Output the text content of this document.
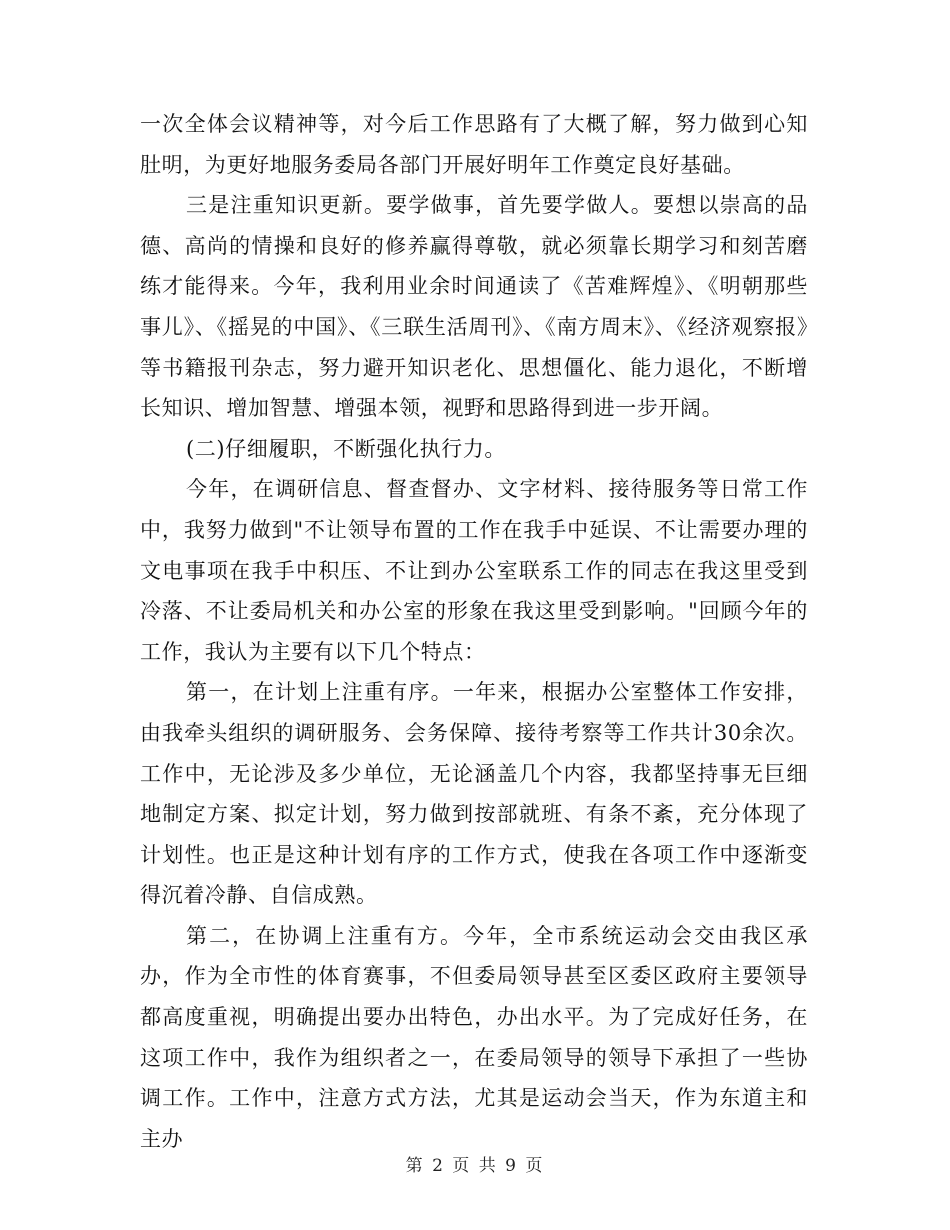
一次全体会议精神等，对今后工作思路有了大概了解，努力做到心知肚明，为更好地服务委局各部门开展好明年工作奠定良好基础。

三是注重知识更新。要学做事，首先要学做人。要想以崇高的品德、高尚的情操和良好的修养赢得尊敬，就必须靠长期学习和刻苦磨练才能得来。今年，我利用业余时间通读了《苦难辉煌》、《明朝那些事儿》、《摇晃的中国》、《三联生活周刊》、《南方周末》、《经济观察报》等书籍报刊杂志，努力避开知识老化、思想僵化、能力退化，不断增长知识、增加智慧、增强本领，视野和思路得到进一步开阔。

(二)仔细履职，不断强化执行力。

今年，在调研信息、督查督办、文字材料、接待服务等日常工作中，我努力做到"不让领导布置的工作在我手中延误、不让需要办理的文电事项在我手中积压、不让到办公室联系工作的同志在我这里受到冷落、不让委局机关和办公室的形象在我这里受到影响。"回顾今年的工作，我认为主要有以下几个特点：

第一，在计划上注重有序。一年来，根据办公室整体工作安排，由我牵头组织的调研服务、会务保障、接待考察等工作共计30余次。工作中，无论涉及多少单位，无论涵盖几个内容，我都坚持事无巨细地制定方案、拟定计划，努力做到按部就班、有条不紊，充分体现了计划性。也正是这种计划有序的工作方式，使我在各项工作中逐渐变得沉着冷静、自信成熟。

第二，在协调上注重有方。今年，全市系统运动会交由我区承办，作为全市性的体育赛事，不但委局领导甚至区委区政府主要领导都高度重视，明确提出要办出特色，办出水平。为了完成好任务，在这项工作中，我作为组织者之一，在委局领导的领导下承担了一些协调工作。工作中，注意方式方法，尤其是运动会当天，作为东道主和主办

第 2 页 共 9 页
